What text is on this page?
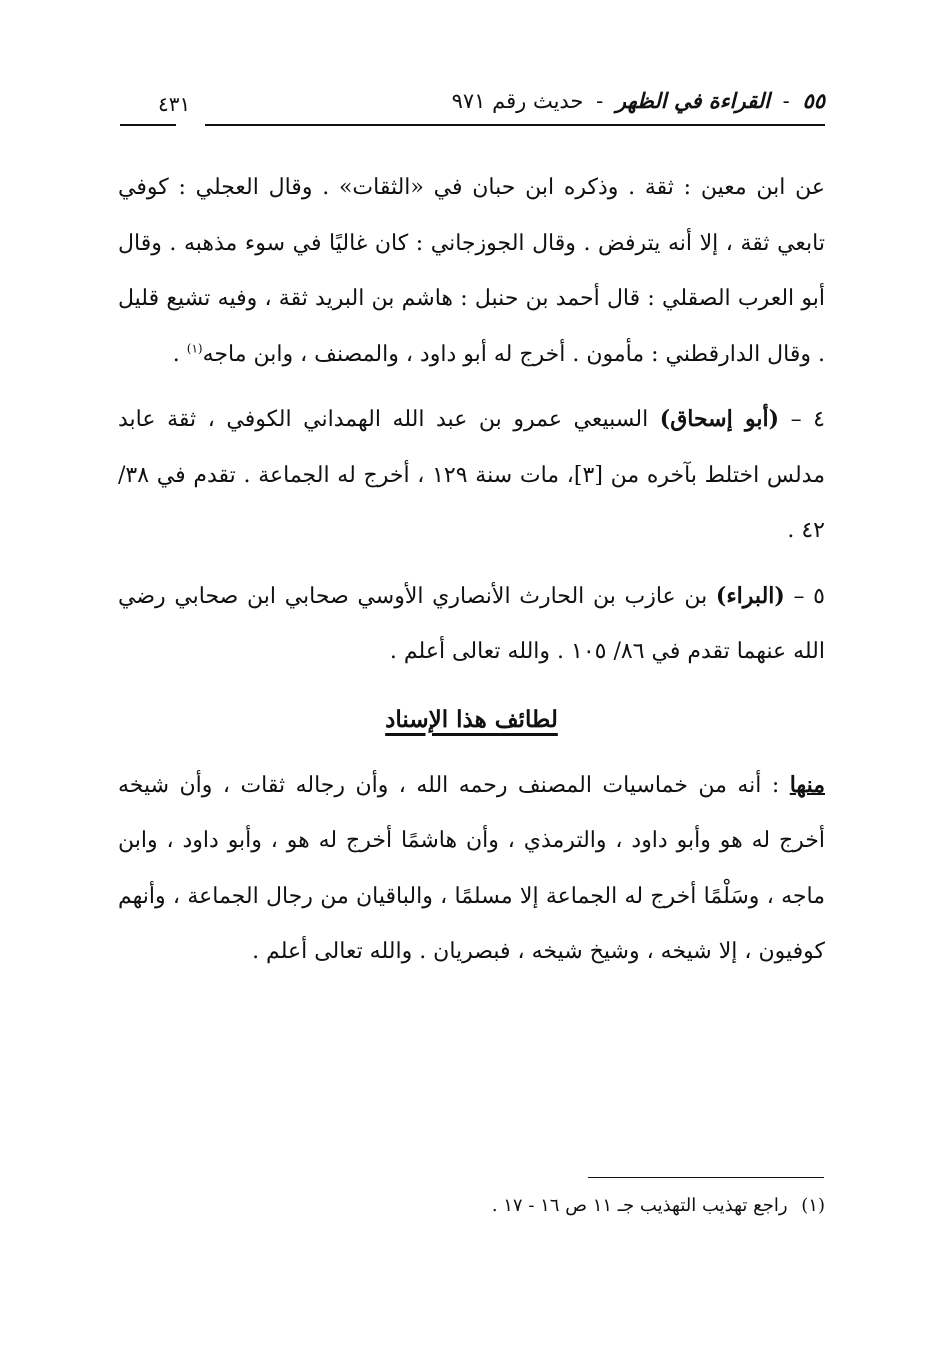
٥٥ - القراءة في الظهر - حديث رقم ٩٧١
٤٣١

عن ابن معين : ثقة . وذكره ابن حبان في «الثقات» . وقال العجلي : كوفي تابعي ثقة ، إلا أنه يترفض . وقال الجوزجاني : كان غاليًا في سوء مذهبه . وقال أبو العرب الصقلي : قال أحمد بن حنبل : هاشم بن البريد ثقة ، وفيه تشيع قليل . وقال الدارقطني : مأمون . أخرج له أبو داود ، والمصنف ، وابن ماجه$^{(١)}$ .

٤ – (أبو إسحاق) السبيعي عمرو بن عبد الله الهمداني الكوفي ، ثقة عابد مدلس اختلط بآخره من [٣]، مات سنة ١٢٩ ، أخرج له الجماعة . تقدم في ٣٨/ ٤٢ .

٥ – (البراء) بن عازب بن الحارث الأنصاري الأوسي صحابي ابن صحابي رضي الله عنهما تقدم في ٨٦/ ١٠٥ . والله تعالى أعلم .

لطائف هذا الإسناد

منها : أنه من خماسيات المصنف رحمه الله ، وأن رجاله ثقات ، وأن شيخه أخرج له هو وأبو داود ، والترمذي ، وأن هاشمًا أخرج له هو ، وأبو داود ، وابن ماجه ، وسَلْمًا أخرج له الجماعة إلا مسلمًا ، والباقيان من رجال الجماعة ، وأنهم كوفيون ، إلا شيخه ، وشيخ شيخه ، فبصريان . والله تعالى أعلم .

(١) راجع تهذيب التهذيب جـ ١١ ص ١٦ - ١٧ .
